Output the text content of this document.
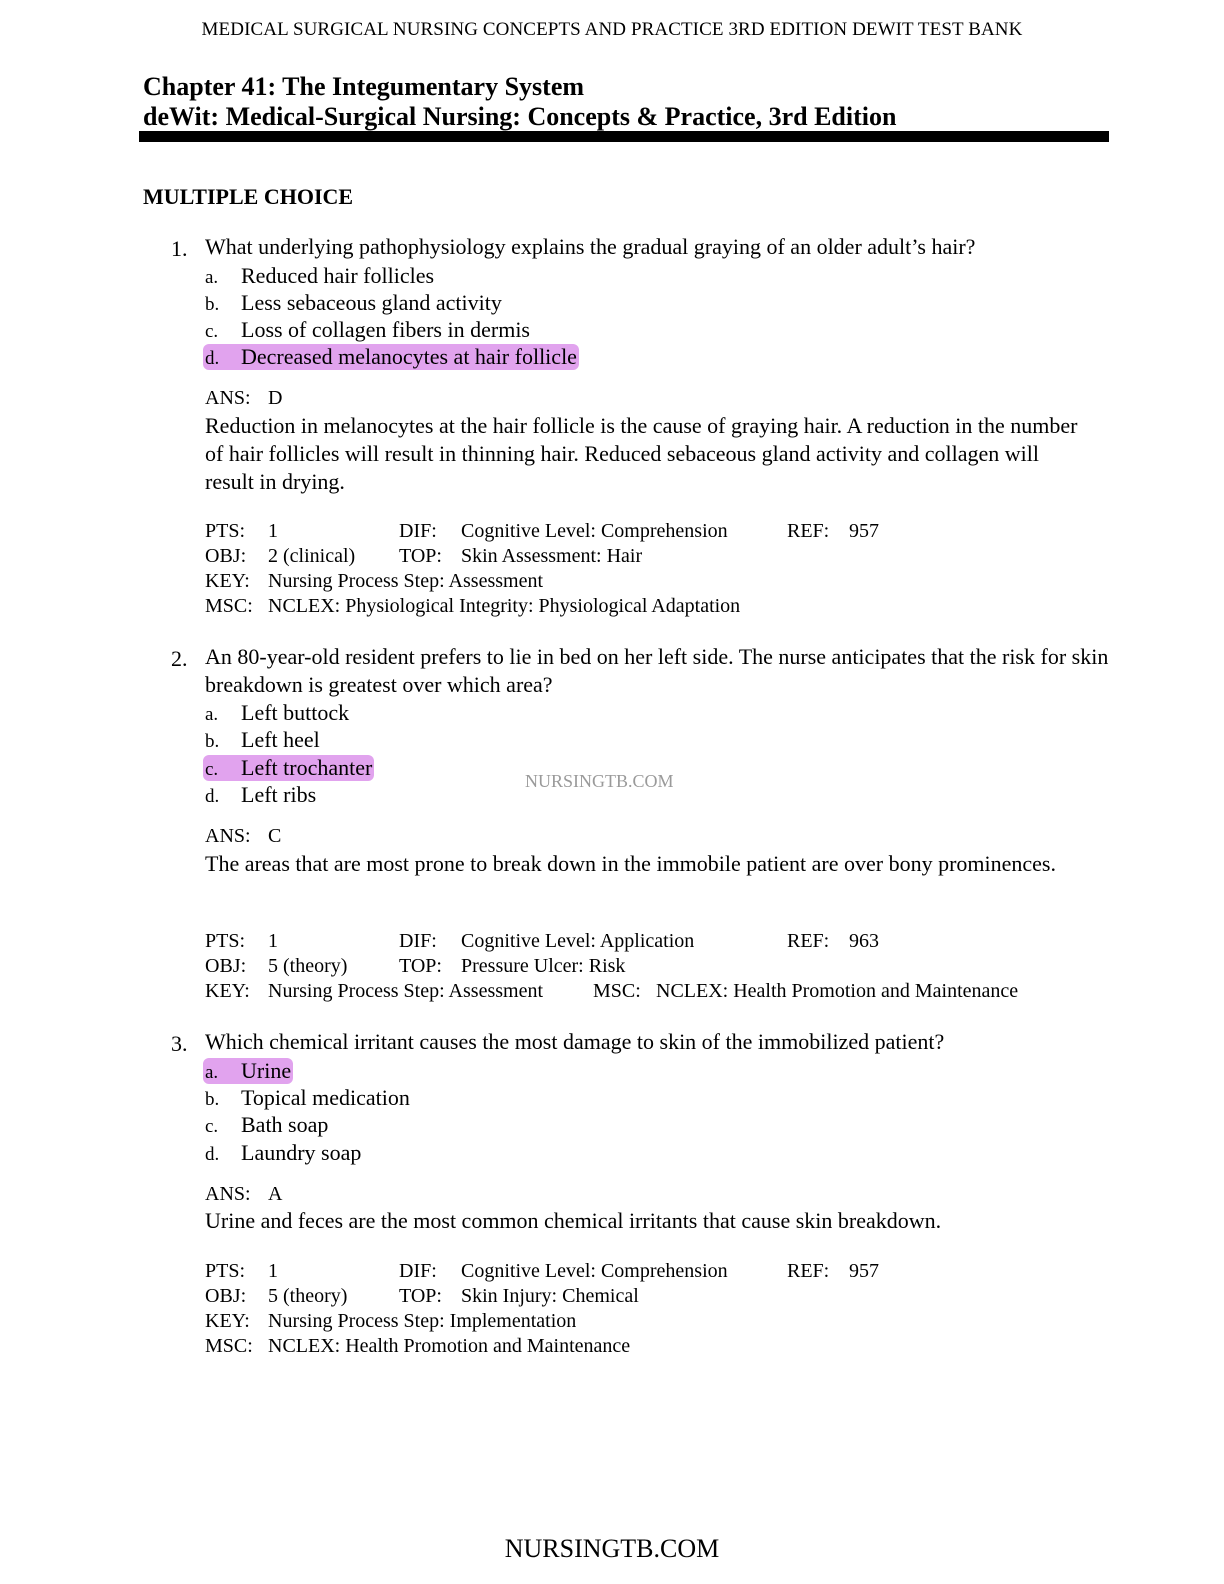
MEDICAL SURGICAL NURSING CONCEPTS AND PRACTICE 3RD EDITION DEWIT TEST BANK
Chapter 41: The Integumentary System
deWit: Medical-Surgical Nursing: Concepts & Practice, 3rd Edition
MULTIPLE CHOICE
1. What underlying pathophysiology explains the gradual graying of an older adult’s hair?
a. Reduced hair follicles
b. Less sebaceous gland activity
c. Loss of collagen fibers in dermis
d. Decreased melanocytes at hair follicle
ANS: D
Reduction in melanocytes at the hair follicle is the cause of graying hair. A reduction in the number of hair follicles will result in thinning hair. Reduced sebaceous gland activity and collagen will result in drying.
PTS: 1	DIF: Cognitive Level: Comprehension	REF: 957
OBJ: 2 (clinical) TOP: Skin Assessment: Hair
KEY: Nursing Process Step: Assessment
MSC: NCLEX: Physiological Integrity: Physiological Adaptation
2. An 80-year-old resident prefers to lie in bed on her left side. The nurse anticipates that the risk for skin breakdown is greatest over which area?
a. Left buttock
b. Left heel
c. Left trochanter
d. Left ribs
NURSINGTB.COM
ANS: C
The areas that are most prone to break down in the immobile patient are over bony prominences.
PTS: 1	DIF: Cognitive Level: Application	REF: 963
OBJ: 5 (theory)	TOP: Pressure Ulcer: Risk
KEY: Nursing Process Step: Assessment	MSC: NCLEX: Health Promotion and Maintenance
3. Which chemical irritant causes the most damage to skin of the immobilized patient?
a. Urine
b. Topical medication
c. Bath soap
d. Laundry soap
ANS: A
Urine and feces are the most common chemical irritants that cause skin breakdown.
PTS: 1	DIF: Cognitive Level: Comprehension	REF: 957
OBJ: 5 (theory)	TOP: Skin Injury: Chemical
KEY: Nursing Process Step: Implementation
MSC: NCLEX: Health Promotion and Maintenance
NURSINGTB.COM
